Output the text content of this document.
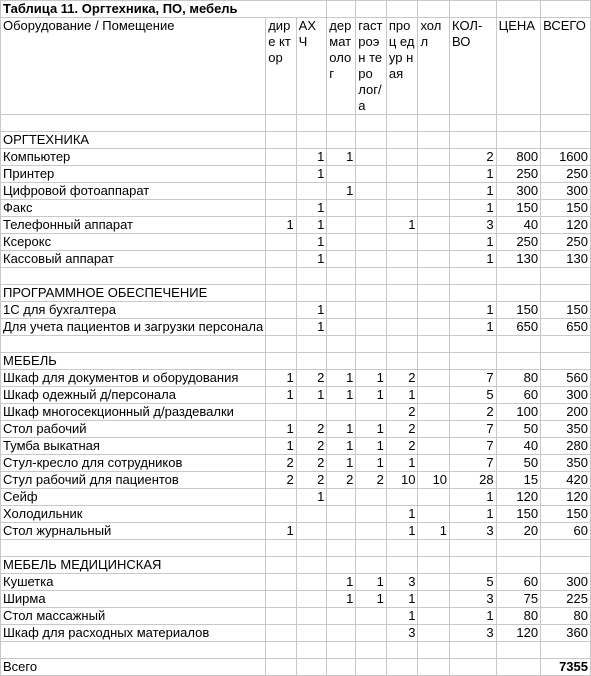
Таблица 11. Оргтехника, ПО, мебель									
Оборудование / Помещение	дире ктор	АХЧ	дер мат олог	гаст роэн теро лог/а	проц едур ная	холл	КОЛ- ВО	ЦЕНА	ВСЕГО

ОРГТЕХНИКА									
Компьютер		1	1				2	800	1600
Принтер		1					1	250	250
Цифровой фотоаппарат			1				1	300	300
Факс		1					1	150	150
Телефонный аппарат	1	1			1		3	40	120
Ксерокс		1					1	250	250
Кассовый аппарат		1					1	130	130

ПРОГРАММНОЕ ОБЕСПЕЧЕНИЕ									
1С для бухгалтера		1					1	150	150
Для учета пациентов и загрузки персонала		1					1	650	650

МЕБЕЛЬ									
Шкаф для документов и оборудования	1	2	1	1	2		7	80	560
Шкаф одежный д/персонала	1	1	1	1	1		5	60	300
Шкаф многосекционный д/раздевалки					2		2	100	200
Стол рабочий	1	2	1	1	2		7	50	350
Тумба выкатная	1	2	1	1	2		7	40	280
Стул-кресло для сотрудников	2	2	1	1	1		7	50	350
Стул рабочий для пациентов	2	2	2	2	10	10	28	15	420
Сейф		1					1	120	120
Холодильник					1		1	150	150
Стол журнальный	1				1	1	3	20	60

МЕБЕЛЬ МЕДИЦИНСКАЯ									
Кушетка			1	1	3		5	60	300
Ширма			1	1	1		3	75	225
Стол массажный					1		1	80	80
Шкаф для расходных материалов					3		3	120	360

Всего									7355
